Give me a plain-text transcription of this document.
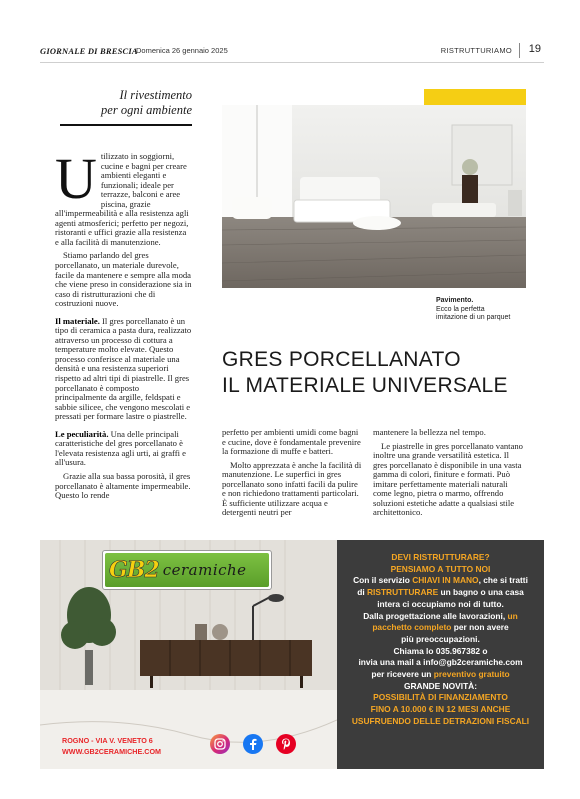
GIORNALE DI BRESCIA
Domenica 26 gennaio 2025	RISTRUTTURIAMO 19
Il rivestimento
per ogni ambiente

U tilizzato in soggiorni, cucine e bagni per creare ambienti eleganti e funzionali; ideale per terrazze, balconi e aree piscina, grazie all'impermeabilità e alla resistenza agli agenti atmosferici; perfetto per negozi, ristoranti e uffici grazie alla resistenza e alla facilità di manutenzione.

Stiamo parlando del gres porcellanato, un materiale durevole, facile da mantenere e sempre alla moda che viene preso in considerazione sia in caso di ristrutturazioni che di costruzioni nuove.

Il materiale. Il gres porcellanato è un tipo di ceramica a pasta dura, realizzato attraverso un processo di cottura a temperature molto elevate. Questo processo conferisce al materiale una densità e una resistenza superiori rispetto ad altri tipi di piastrelle. Il gres porcellanato è composto principalmente da argille, feldspati e sabbie silicee, che vengono mescolati e pressati per formare lastre o piastrelle.

Le peculiarità. Una delle principali caratteristiche del gres porcellanato è l'elevata resistenza agli urti, ai graffi e all'usura.

Grazie alla sua bassa porosità, il gres porcellanato è altamente impermeabile. Questo lo rende

Pavimento.
Ecco la perfetta
imitazione di un parquet
GRES PORCELLANATO
IL MATERIALE UNIVERSALE

perfetto per ambienti umidi come bagni e cucine, dove è fondamentale prevenire la formazione di muffe e batteri.

Molto apprezzata è anche la facilità di manutenzione. Le superfici in gres porcellanato sono infatti facili da pulire e non richiedono trattamenti particolari. È sufficiente utilizzare acqua e detergenti neutri per

mantenere la bellezza nel tempo.

Le piastrelle in gres porcellanato vantano inoltre una grande versatilità estetica. Il gres porcellanato è disponibile in una vasta gamma di colori, finiture e formati. Può imitare perfettamente materiali naturali come legno, pietra o marmo, offrendo soluzioni estetiche adatte a qualsiasi stile architettonico.

GB2 ceramiche
ROGNO - VIA V. VENETO 6
WWW.GB2CERAMICHE.COM
DEVI RISTRUTTURARE?
PENSIAMO A TUTTO NOI
Con il servizio CHIAVI IN MANO, che si tratti
di RISTRUTTURARE un bagno o una casa
intera ci occupiamo noi di tutto.
Dalla progettazione alle lavorazioni, un
pacchetto completo per non avere
più preoccupazioni.
Chiama lo 035.967382 o
invia una mail a info@gb2ceramiche.com
per ricevere un preventivo gratuito
GRANDE NOVITÀ:
POSSIBILITÀ DI FINANZIAMENTO
FINO A 10.000 € IN 12 MESI ANCHE
USUFRUENDO DELLE DETRAZIONI FISCALI
